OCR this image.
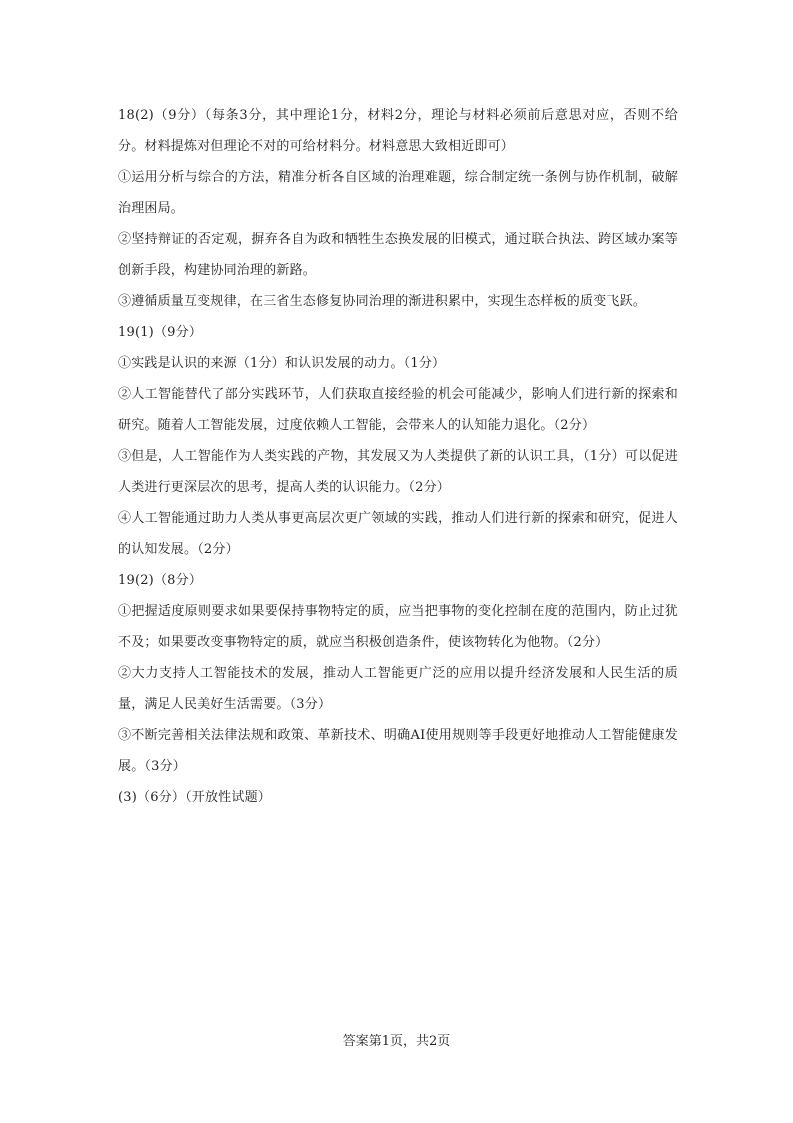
18(2)（9分）（每条3分，其中理论1分，材料2分，理论与材料必须前后意思对应，否则不给分。材料提炼对但理论不对的可给材料分。材料意思大致相近即可）

①运用分析与综合的方法，精准分析各自区域的治理难题，综合制定统一条例与协作机制，破解治理困局。

②坚持辩证的否定观，摒弃各自为政和牺牲生态换发展的旧模式，通过联合执法、跨区域办案等创新手段，构建协同治理的新路。

③遵循质量互变规律，在三省生态修复协同治理的渐进积累中，实现生态样板的质变飞跃。

19(1)（9分）

①实践是认识的来源（1分）和认识发展的动力。（1分）

②人工智能替代了部分实践环节，人们获取直接经验的机会可能减少，影响人们进行新的探索和研究。随着人工智能发展，过度依赖人工智能，会带来人的认知能力退化。（2分）

③但是，人工智能作为人类实践的产物，其发展又为人类提供了新的认识工具，（1分）可以促进人类进行更深层次的思考，提高人类的认识能力。（2分）

④人工智能通过助力人类从事更高层次更广领域的实践，推动人们进行新的探索和研究，促进人的认知发展。（2分）

19(2)（8分）

①把握适度原则要求如果要保持事物特定的质，应当把事物的变化控制在度的范围内，防止过犹不及；如果要改变事物特定的质，就应当积极创造条件，使该物转化为他物。（2分）

②大力支持人工智能技术的发展，推动人工智能更广泛的应用以提升经济发展和人民生活的质量，满足人民美好生活需要。（3分）

③不断完善相关法律法规和政策、革新技术、明确AI使用规则等手段更好地推动人工智能健康发展。（3分）

(3)（6分）（开放性试题）

答案第1页，共2页
